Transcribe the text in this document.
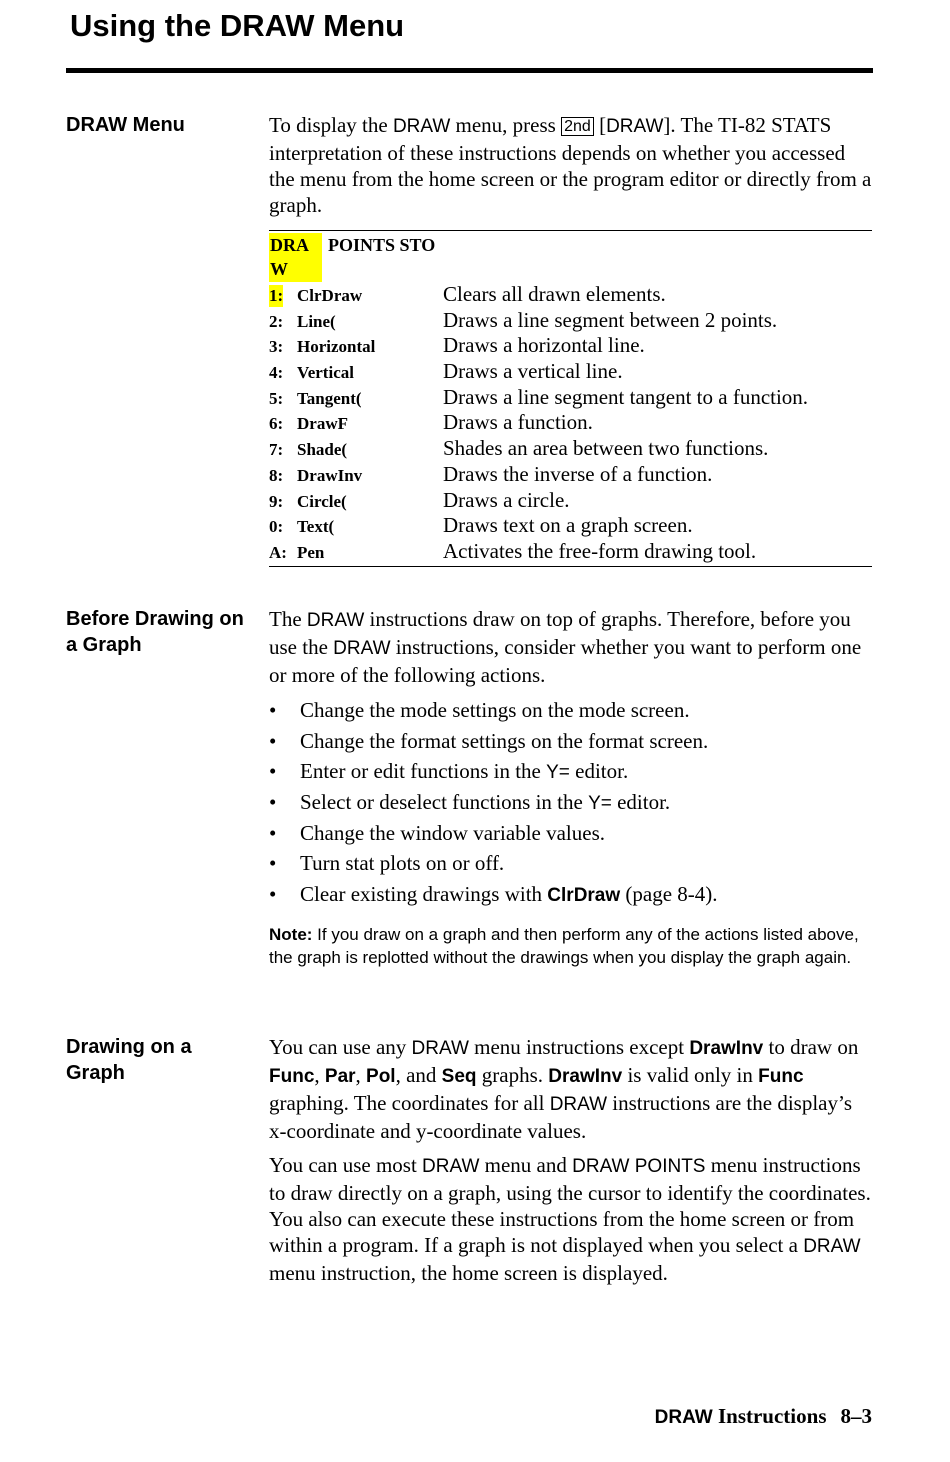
Using the DRAW Menu
DRAW Menu	To display the DRAW menu, press 2nd [DRAW]. The TI-82 STATS interpretation of these instructions depends on whether you accessed the menu from the home screen or the program editor or directly from a graph.

DRAW
POINTS STO
1: ClrDraw	Clears all drawn elements.
2: Line(	Draws a line segment between 2 points.
3: Horizontal	Draws a horizontal line.
4: Vertical	Draws a vertical line.
5: Tangent(	Draws a line segment tangent to a function.
6: DrawF	Draws a function.
7: Shade(	Shades an area between two functions.
8: DrawInv	Draws the inverse of a function.
9: Circle(	Draws a circle.
0: Text(	Draws text on a graph screen.
A: Pen	Activates the free-form drawing tool.
Before Drawing on a Graph

The DRAW instructions draw on top of graphs. Therefore, before you use the DRAW instructions, consider whether you want to perform one or more of the following actions.

• Change the mode settings on the mode screen.
• Change the format settings on the format screen.
• Enter or edit functions in the Y= editor.
• Select or deselect functions in the Y= editor.
• Change the window variable values.
• Turn stat plots on or off.
• Clear existing drawings with ClrDraw (page 8-4).

Note: If you draw on a graph and then perform any of the actions listed above, the graph is replotted without the drawings when you display the graph again.

Drawing on a Graph

You can use any DRAW menu instructions except DrawInv to draw on Func, Par, Pol, and Seq graphs. DrawInv is valid only in Func graphing. The coordinates for all DRAW instructions are the display’s x-coordinate and y-coordinate values.

You can use most DRAW menu and DRAW POINTS menu instructions to draw directly on a graph, using the cursor to identify the coordinates. You also can execute these instructions from the home screen or from within a program. If a graph is not displayed when you select a DRAW menu instruction, the home screen is displayed.

DRAW Instructions 8–3
